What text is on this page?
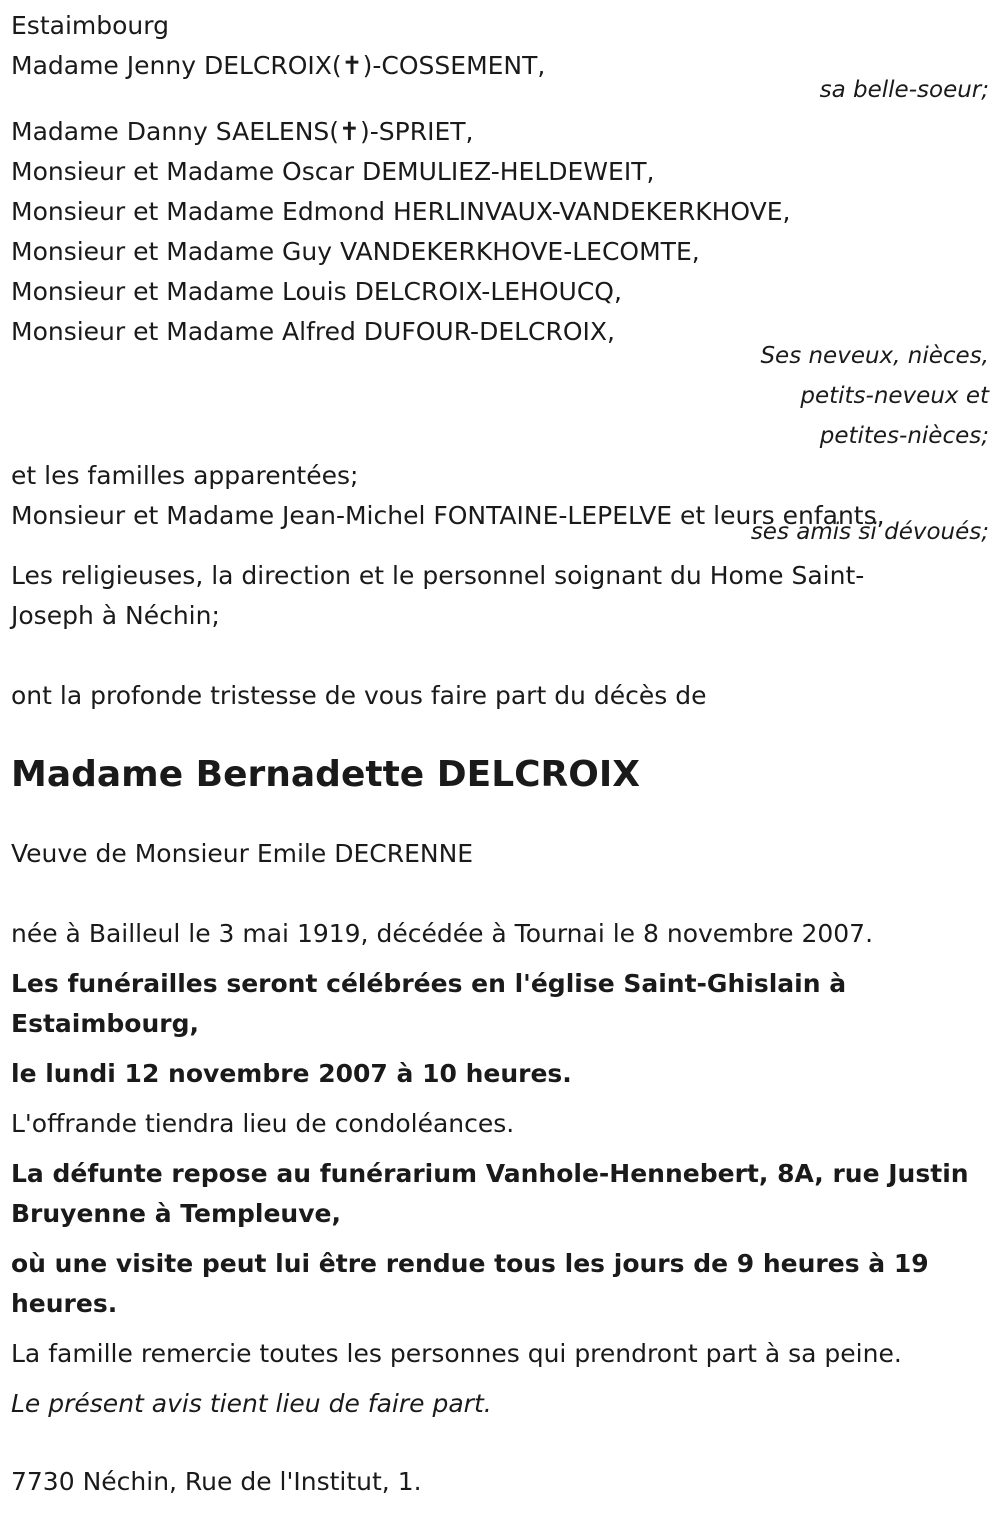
Estaimbourg

Madame Jenny DELCROIX(✝)-COSSEMENT,

sa belle-soeur;

Madame Danny SAELENS(✝)-SPRIET,

Monsieur et Madame Oscar DEMULIEZ-HELDEWEIT,

Monsieur et Madame Edmond HERLINVAUX-VANDEKERKHOVE,

Monsieur et Madame Guy VANDEKERKHOVE-LECOMTE,

Monsieur et Madame Louis DELCROIX-LEHOUCQ,

Monsieur et Madame Alfred DUFOUR-DELCROIX,

Ses neveux, nièces,

petits-neveux et

petites-nièces;

et les familles apparentées;

Monsieur et Madame Jean-Michel FONTAINE-LEPELVE et leurs enfants,

ses amis si dévoués;

Les religieuses, la direction et le personnel soignant du Home Saint-Joseph à Néchin;

ont la profonde tristesse de vous faire part du décès de

Madame Bernadette DELCROIX

Veuve de Monsieur Emile DECRENNE

née à Bailleul le 3 mai 1919, décédée à Tournai le 8 novembre 2007.

Les funérailles seront célébrées en l'église Saint-Ghislain à Estaimbourg,

le lundi 12 novembre 2007 à 10 heures.

L'offrande tiendra lieu de condoléances.

La défunte repose au funérarium Vanhole-Hennebert, 8A, rue Justin Bruyenne à Templeuve,

où une visite peut lui être rendue tous les jours de 9 heures à 19 heures.

La famille remercie toutes les personnes qui prendront part à sa peine.

Le présent avis tient lieu de faire part.

7730 Néchin, Rue de l'Institut, 1.
